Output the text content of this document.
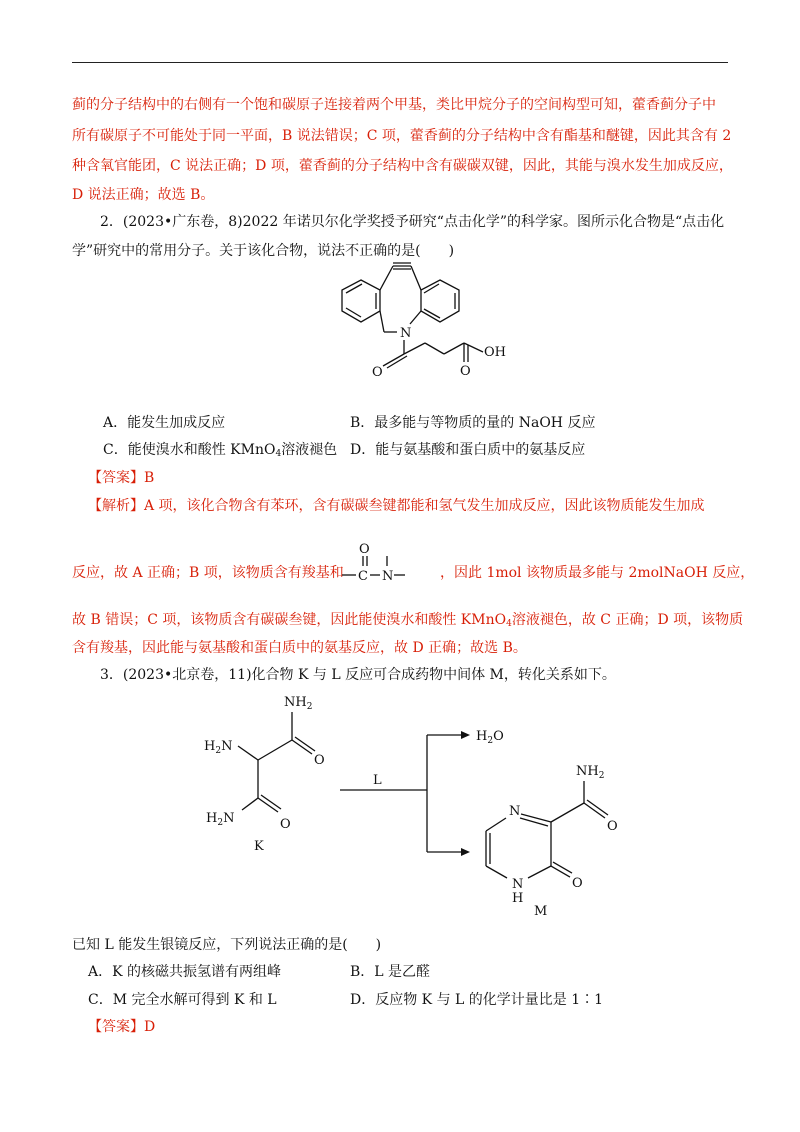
蓟的分子结构中的右侧有一个饱和碳原子连接着两个甲基，类比甲烷分子的空间构型可知，藿香蓟分子中
所有碳原子不可能处于同一平面，B 说法错误；C 项，藿香蓟的分子结构中含有酯基和醚键，因此其含有 2
种含氧官能团，C 说法正确；D 项，藿香蓟的分子结构中含有碳碳双键，因此，其能与溴水发生加成反应，
D 说法正确；故选 B。
2．(2023•广东卷，8)2022 年诺贝尔化学奖授予研究“点击化学”的科学家。图所示化合物是“点击化
学”研究中的常用分子。关于该化合物，说法不正确的是(　　)
N
O
OH
O
A．能发生加成反应	B．最多能与等物质的量的 NaOH 反应
C．能使溴水和酸性 KMnO$_4$溶液褪色 D．能与氨基酸和蛋白质中的氨基反应
【答案】B
【解析】A 项，该化合物含有苯环，含有碳碳叁键都能和氢气发生加成反应，因此该物质能发生加成
反应，故 A 正确；B 项，该物质含有羧基和
O
C N	，因此 1mol 该物质最多能与 2molNaOH 反应，
故 B 错误；C 项，该物质含有碳碳叁键，因此能使溴水和酸性 KMnO$_4$溶液褪色，故 C 正确；D 项，该物质
含有羧基，因此能与氨基酸和蛋白质中的氨基反应，故 D 正确；故选 B。
3．(2023•北京卷，11)化合物 K 与 L 反应可合成药物中间体 M，转化关系如下。
$NH_2$
$H_2N$
O
$H_2N$	O
K
L
$H_2O$
$NH_2$
O
N
O
N
H
M
已知 L 能发生银镜反应，下列说法正确的是(　　)
A．K 的核磁共振氢谱有两组峰	B．L 是乙醛
C．M 完全水解可得到 K 和 L	D．反应物 K 与 L 的化学计量比是 1∶1
【答案】D
